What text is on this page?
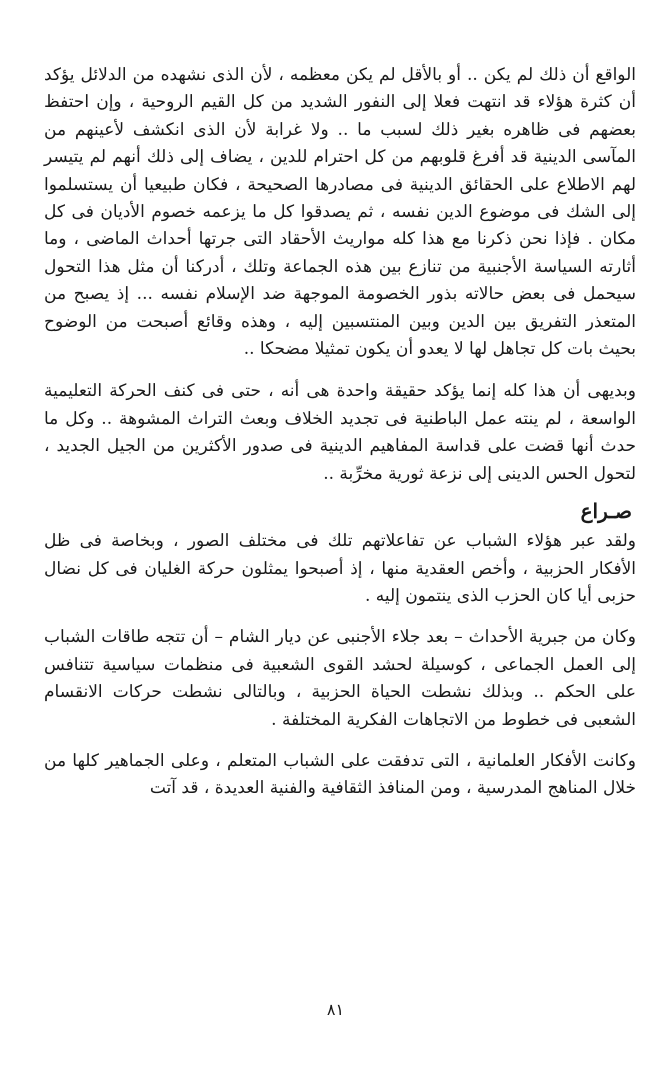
الواقع أن ذلك لم يكن .. أو بالأقل لم يكن معظمه ، لأن الذى نشهده من الدلائل يؤكد أن كثرة هؤلاء قد انتهت فعلا إلى النفور الشديد من كل القيم الروحية ، وإن احتفظ بعضهم فى ظاهره بغير ذلك لسبب ما .. ولا غرابة لأن الذى انكشف لأعينهم من المآسى الدينية قد أفرغ قلوبهم من كل احترام للدين ، يضاف إلى ذلك أنهم لم يتيسر لهم الاطلاع على الحقائق الدينية فى مصادرها الصحيحة ، فكان طبيعيا أن يستسلموا إلى الشك فى موضوع الدين نفسه ، ثم يصدقوا كل ما يزعمه خصوم الأديان فى كل مكان . فإذا نحن ذكرنا مع هذا كله مواريث الأحقاد التى جرتها أحداث الماضى ، وما أثارته السياسة الأجنبية من تنازع بين هذه الجماعة وتلك ، أدركنا أن مثل هذا التحول سيحمل فى بعض حالاته بذور الخصومة الموجهة ضد الإسلام نفسه ... إذ يصبح من المتعذر التفريق بين الدين وبين المنتسبين إليه ، وهذه وقائع أصبحت من الوضوح بحيث بات كل تجاهل لها لا يعدو أن يكون تمثيلا مضحكا ..

وبديهى أن هذا كله إنما يؤكد حقيقة واحدة هى أنه ، حتى فى كنف الحركة التعليمية الواسعة ، لم ينته عمل الباطنية فى تجديد الخلاف وبعث التراث المشوهة .. وكل ما حدث أنها قضت على قداسة المفاهيم الدينية فى صدور الأكثرين من الجيل الجديد ، لتحول الحس الدينى إلى نزعة ثورية مخرِّبة ..

صـراع

ولقد عبر هؤلاء الشباب عن تفاعلاتهم تلك فى مختلف الصور ، وبخاصة فى ظل الأفكار الحزبية ، وأخص العقدية منها ، إذ أصبحوا يمثلون حركة الغليان فى كل نضال حزبى أيا كان الحزب الذى ينتمون إليه .

وكان من جبرية الأحداث – بعد جلاء الأجنبى عن ديار الشام – أن تتجه طاقات الشباب إلى العمل الجماعى ، كوسيلة لحشد القوى الشعبية فى منظمات سياسية تتنافس على الحكم .. وبذلك نشطت الحياة الحزبية ، وبالتالى نشطت حركات الانقسام الشعبى فى خطوط من الاتجاهات الفكرية المختلفة .

وكانت الأفكار العلمانية ، التى تدفقت على الشباب المتعلم ، وعلى الجماهير كلها من خلال المناهج المدرسية ، ومن المنافذ الثقافية والفنية العديدة ، قد آتت

٨١
